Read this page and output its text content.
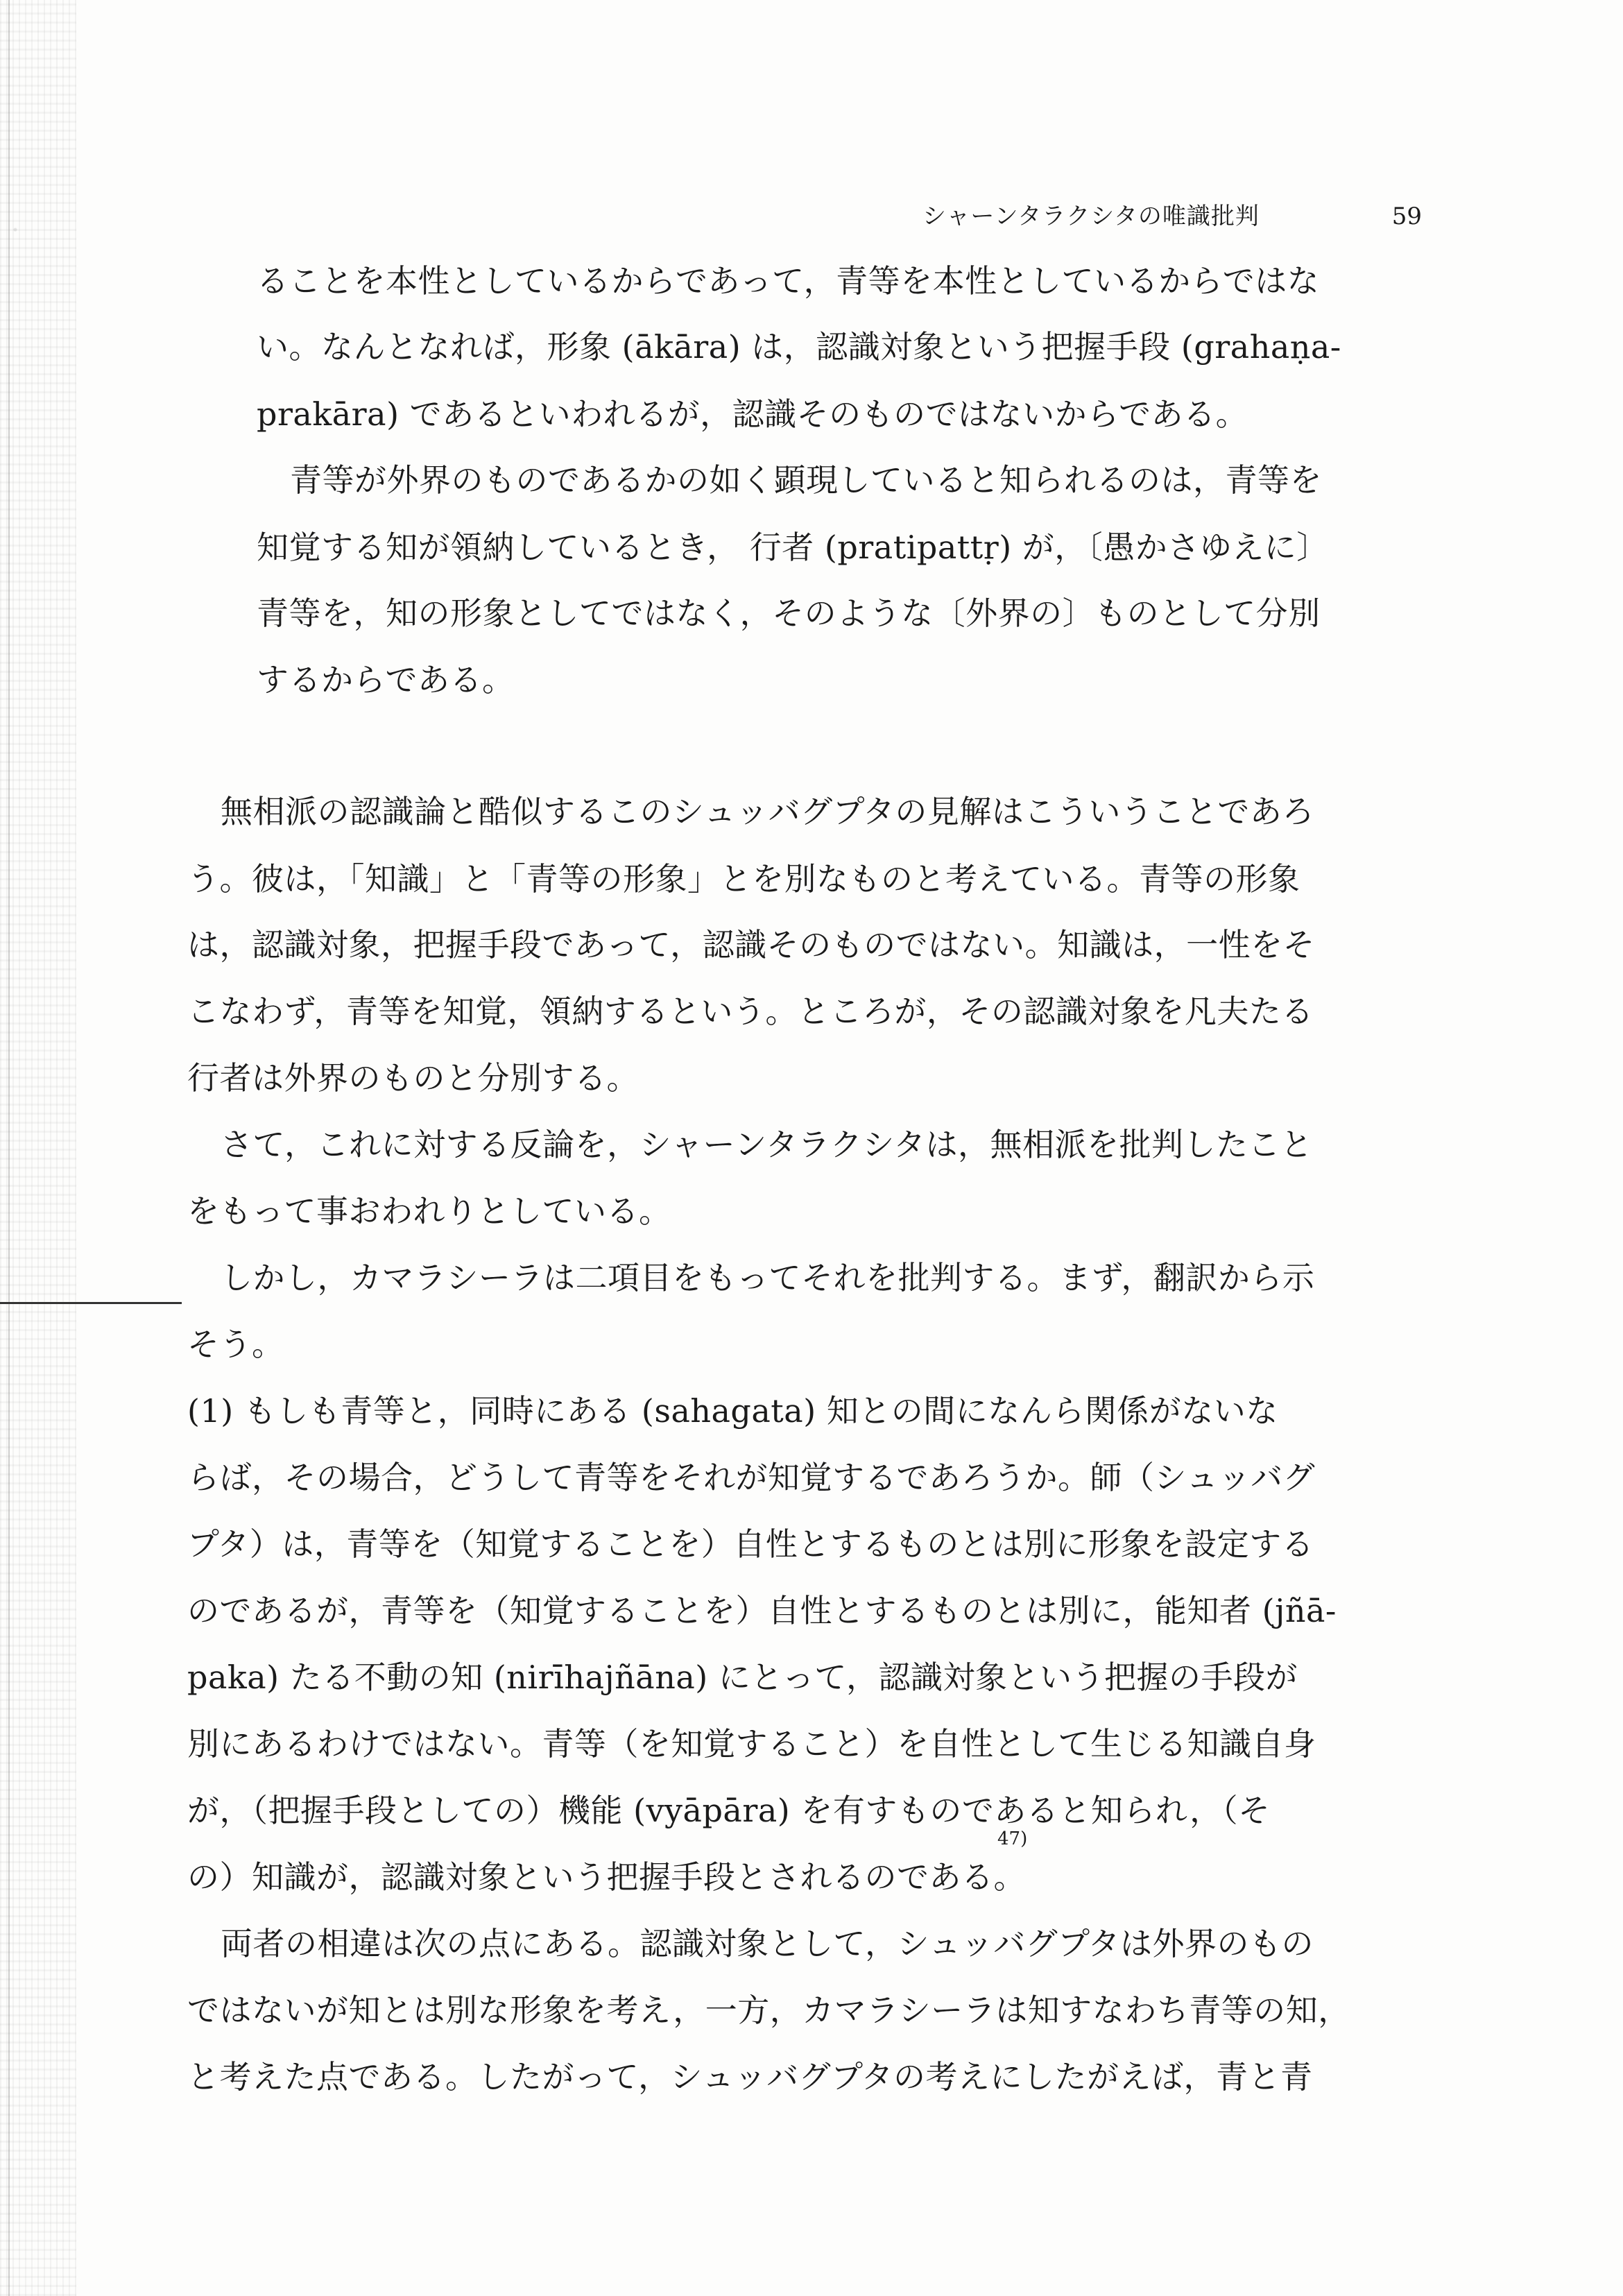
シャーンタラクシタの唯識批判	59
ることを本性としているからであって，青等を本性としているからではな
い。なんとなれば，形象 (ākāra) は，認識対象という把握手段 (grahaṇa-
prakāra) であるといわれるが，認識そのものではないからである。
青等が外界のものであるかの如く顕現していると知られるのは，青等を
知覚する知が領納しているとき， 行者 (pratipattṛ) が，〔愚かさゆえに〕
青等を，知の形象としてではなく，そのような〔外界の〕ものとして分別
するからである。
無相派の認識論と酷似するこのシュッバグプタの見解はこういうことであろ
う。彼は，「知識」と「青等の形象」とを別なものと考えている。青等の形象
は，認識対象，把握手段であって，認識そのものではない。知識は，一性をそ
こなわず，青等を知覚，領納するという。ところが，その認識対象を凡夫たる
行者は外界のものと分別する。
さて，これに対する反論を，シャーンタラクシタは，無相派を批判したこと
をもって事おわれりとしている。
しかし，カマラシーラは二項目をもってそれを批判する。まず，翻訳から示
そう。
(1) もしも青等と，同時にある (sahagata) 知との間になんら関係がないな
らば，その場合，どうして青等をそれが知覚するであろうか。師（シュッバグ
プタ）は，青等を（知覚することを）自性とするものとは別に形象を設定する
のであるが，青等を（知覚することを）自性とするものとは別に，能知者 (jñā-
paka) たる不動の知 (nirīhajñāna) にとって，認識対象という把握の手段が
別にあるわけではない。青等（を知覚すること）を自性として生じる知識自身
が，（把握手段としての）機能 (vyāpāra) を有すものであると知られ，（そ
の）知識が，認識対象という把握手段とされるのである。
47)
両者の相違は次の点にある。認識対象として，シュッバグプタは外界のもの
ではないが知とは別な形象を考え，一方，カマラシーラは知すなわち青等の知，
と考えた点である。したがって，シュッバグプタの考えにしたがえば，青と青
